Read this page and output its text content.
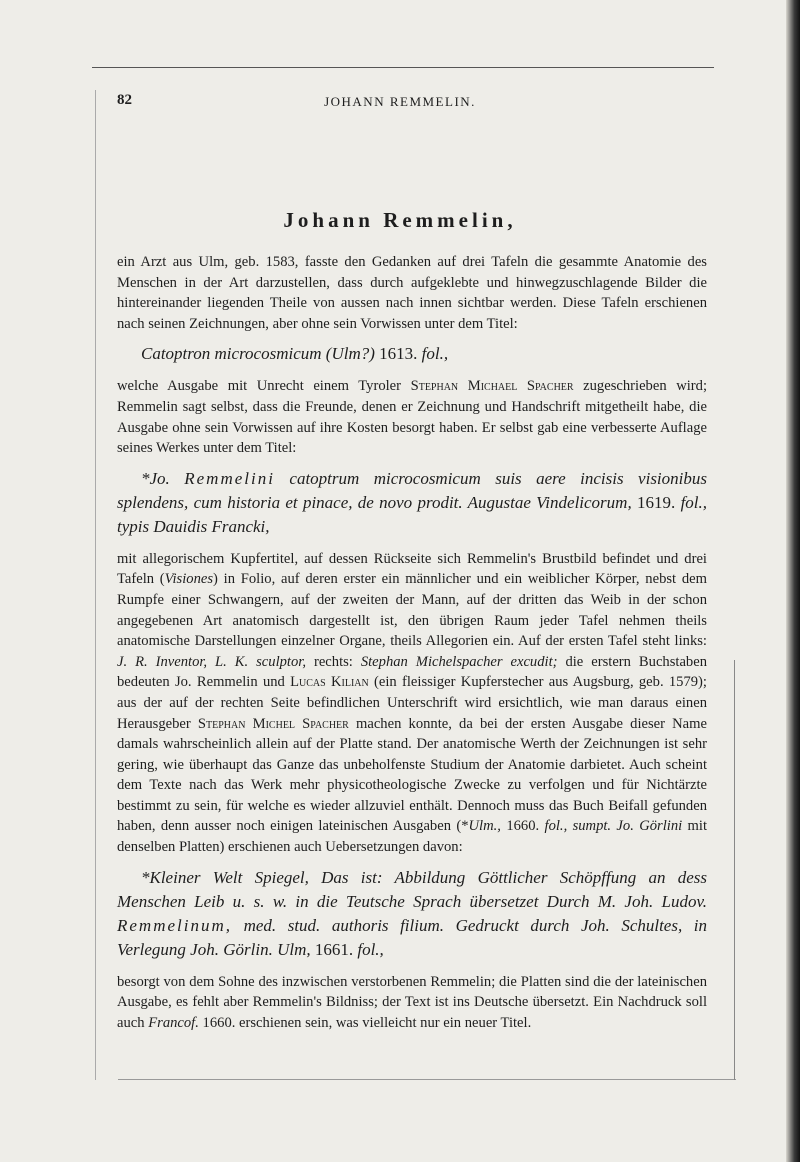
82	JOHANN REMMELIN.
Johann Remmelin,

ein Arzt aus Ulm, geb. 1583, fasste den Gedanken auf drei Tafeln die gesammte Anatomie des Menschen in der Art darzustellen, dass durch aufgeklebte und hinwegzuschlagende Bilder die hintereinander liegenden Theile von aussen nach innen sichtbar werden. Diese Tafeln erschienen nach seinen Zeichnungen, aber ohne sein Vorwissen unter dem Titel:

Catoptron microcosmicum (Ulm?) 1613. fol.,

welche Ausgabe mit Unrecht einem Tyroler Stephan Michael Spacher zugeschrieben wird; Remmelin sagt selbst, dass die Freunde, denen er Zeichnung und Handschrift mitgetheilt habe, die Ausgabe ohne sein Vorwissen auf ihre Kosten besorgt haben. Er selbst gab eine verbesserte Auflage seines Werkes unter dem Titel:

*Jo. Remmelini catoptrum microcosmicum suis aere incisis visionibus splendens, cum historia et pinace, de novo prodit. Augustae Vindelicorum, 1619. fol., typis Dauidis Francki,

mit allegorischem Kupfertitel, auf dessen Rückseite sich Remmelin's Brustbild befindet und drei Tafeln (Visiones) in Folio, auf deren erster ein männlicher und ein weiblicher Körper, nebst dem Rumpfe einer Schwangern, auf der zweiten der Mann, auf der dritten das Weib in der schon angegebenen Art anatomisch dargestellt ist, den übrigen Raum jeder Tafel nehmen theils anatomische Darstellungen einzelner Organe, theils Allegorien ein. Auf der ersten Tafel steht links: J. R. Inventor, L. K. sculptor, rechts: Stephan Michelspacher excudit; die erstern Buchstaben bedeuten Jo. Remmelin und Lucas Kilian (ein fleissiger Kupferstecher aus Augsburg, geb. 1579); aus der auf der rechten Seite befindlichen Unterschrift wird ersichtlich, wie man daraus einen Herausgeber Stephan Michel Spacher machen konnte, da bei der ersten Ausgabe dieser Name damals wahrscheinlich allein auf der Platte stand. Der anatomische Werth der Zeichnungen ist sehr gering, wie überhaupt das Ganze das unbeholfenste Studium der Anatomie darbietet. Auch scheint dem Texte nach das Werk mehr physicotheologische Zwecke zu verfolgen und für Nichtärzte bestimmt zu sein, für welche es wieder allzuviel enthält. Dennoch muss das Buch Beifall gefunden haben, denn ausser noch einigen lateinischen Ausgaben (*Ulm., 1660. fol., sumpt. Jo. Görlini mit denselben Platten) erschienen auch Uebersetzungen davon:

*Kleiner Welt Spiegel, Das ist: Abbildung Göttlicher Schöpffung an dess Menschen Leib u. s. w. in die Teutsche Sprach übersetzet Durch M. Joh. Ludov. Remmelinum, med. stud. authoris filium. Gedruckt durch Joh. Schultes, in Verlegung Joh. Görlin. Ulm, 1661. fol.,

besorgt von dem Sohne des inzwischen verstorbenen Remmelin; die Platten sind die der lateinischen Ausgabe, es fehlt aber Remmelin's Bildniss; der Text ist ins Deutsche übersetzt. Ein Nachdruck soll auch Francof. 1660. erschienen sein, was vielleicht nur ein neuer Titel.
